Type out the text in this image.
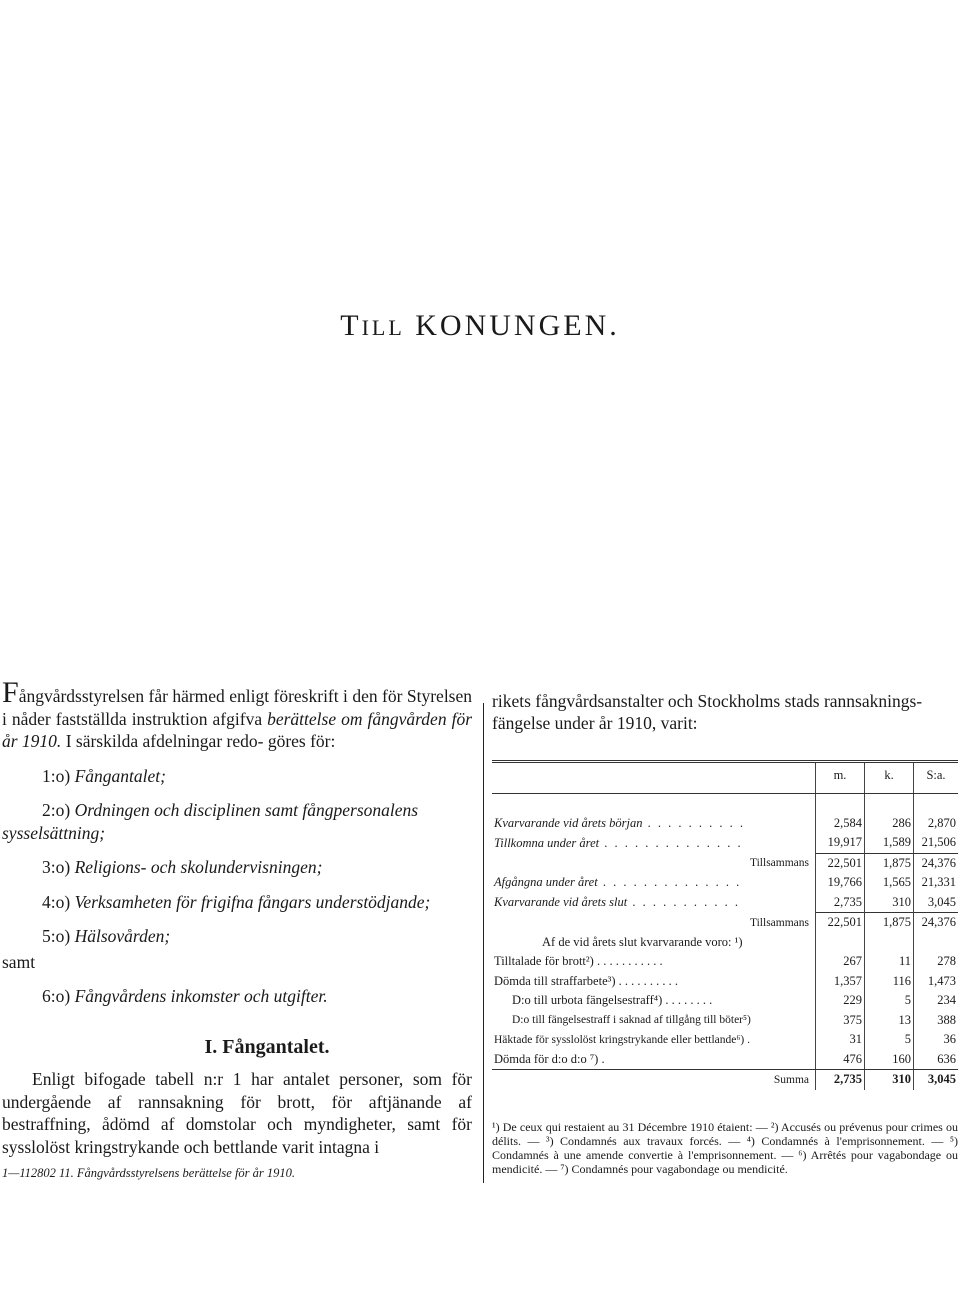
TILL KONUNGEN.

Fångvårdsstyrelsen får härmed enligt föreskrift i den för Styrelsen i nåder fastställda instruktion afgifva berättelse om fångvården för år 1910. I särskilda afdelningar redo- göres för:

1:o) Fångantalet;

2:o) Ordningen och disciplinen samt fångpersonalens sysselsättning;

3:o) Religions- och skolundervisningen;

4:o) Verksamheten för frigifna fångars understödjande;

5:o) Hälsovården;

samt

6:o) Fångvårdens inkomster och utgifter.

I. Fångantalet.

Enligt bifogade tabell n:r 1 har antalet personer, som för undergående af rannsakning för brott, för aftjänande af bestraffning, ådömd af domstolar och myndigheter, samt för sysslolöst kringstrykande och bettlande varit intagna i

1—112802 11. Fångvårdsstyrelsens berättelse för år 1910.

rikets fångvårdsanstalter och Stockholms stads rannsaknings-fängelse under år 1910, varit:

	m.	k.	S:a.

Kvarvarande vid årets början . . . . . . . . . .	2,584	286	2,870
Tillkomna under året . . . . . . . . . . . . . .	19,917	1,589	21,506
Tillsammans	22,501	1,875	24,376
Afgångna under året . . . . . . . . . . . . . .	19,766	1,565	21,331
Kvarvarande vid årets slut . . . . . . . . . . .	2,735	310	3,045
Tillsammans	22,501	1,875	24,376
Af de vid årets slut kvarvarande voro: ¹)			
Tilltalade för brott²) . . . . . . . . . . .	267	11	278
Dömda till straffarbete³) . . . . . . . . . .	1,357	116	1,473
D:o till urbota fängelsestraff⁴) . . . . . . . .	229	5	234
D:o till fängelsestraff i saknad af tillgång till böter⁵)	375	13	388
Häktade för sysslolöst kringstrykande eller bettlande⁶) .	31	5	36
Dömda för d:o d:o ⁷) .	476	160	636
Summa	2,735	310	3,045

¹) De ceux qui restaient au 31 Décembre 1910 étaient: — ²) Accusés ou prévenus pour crimes ou délits. — ³) Condamnés aux travaux forcés. — ⁴) Condamnés à l'emprisonnement. — ⁵) Condamnés à une amende convertie à l'emprisonnement. — ⁶) Arrêtés pour vagabondage ou mendicité. — ⁷) Condamnés pour vagabondage ou mendicité.
